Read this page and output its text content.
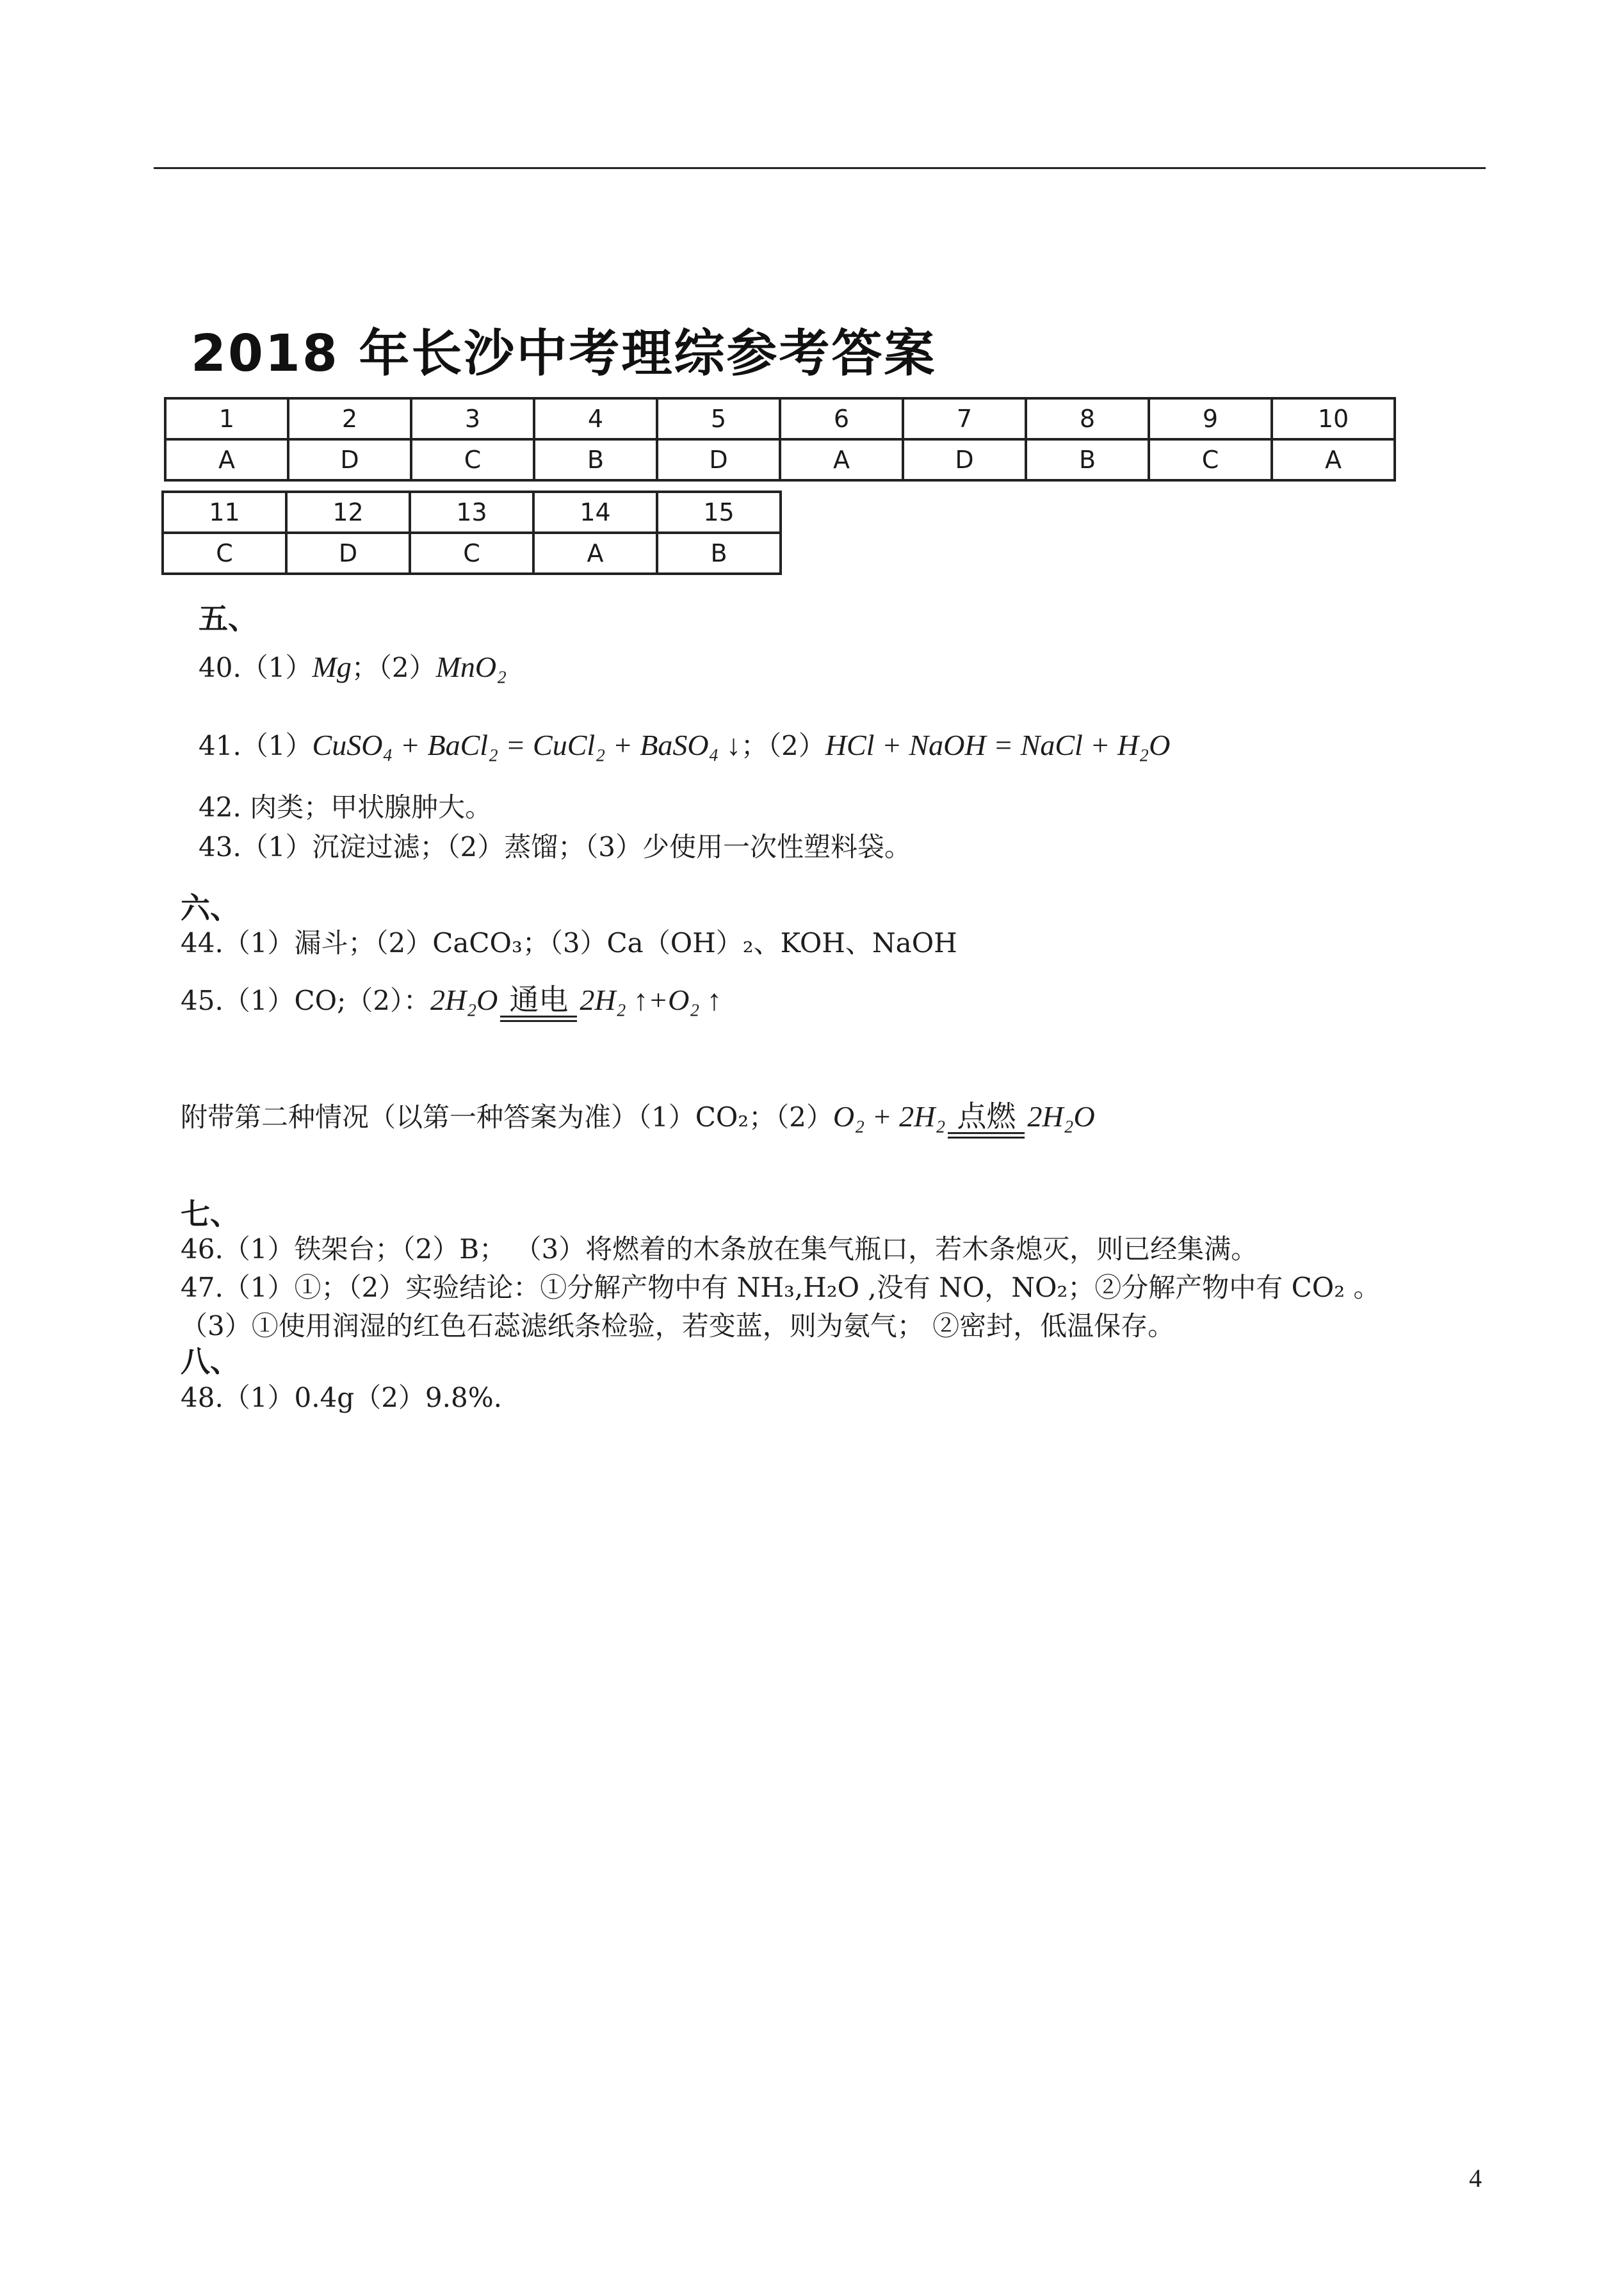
2018 年长沙中考理综参考答案
1	2	3	4	5	6	7	8	9	10
A	D	C	B	D	A	D	B	C	A
11	12	13	14	15
C	D	C	A	B
五、
40.（1）Mg；（2）MnO₂
41.（1）CuSO₄ + BaCl₂ = CuCl₂ + BaSO₄ ↓；（2）HCl + NaOH = NaCl + H₂O
42. 肉类；甲状腺肿大。
43.（1）沉淀过滤；（2）蒸馏；（3）少使用一次性塑料袋。
六、
44.（1）漏斗；（2）CaCO₃；（3）Ca（OH）₂、KOH、NaOH
45.（1）CO;（2）：2H₂O 通电 2H₂ ↑+O₂ ↑
附带第二种情况（以第一种答案为准）（1）CO₂；（2）O₂ + 2H₂ 点燃 2H₂O
七、
46.（1）铁架台；（2）B； （3）将燃着的木条放在集气瓶口，若木条熄灭，则已经集满。
47.（1）①；（2）实验结论：①分解产物中有 NH₃,H₂O ,没有 NO，NO₂；②分解产物中有 CO₂ 。
（3）①使用润湿的红色石蕊滤纸条检验，若变蓝，则为氨气； ②密封，低温保存。
八、
48.（1）0.4g（2）9.8%.
4
